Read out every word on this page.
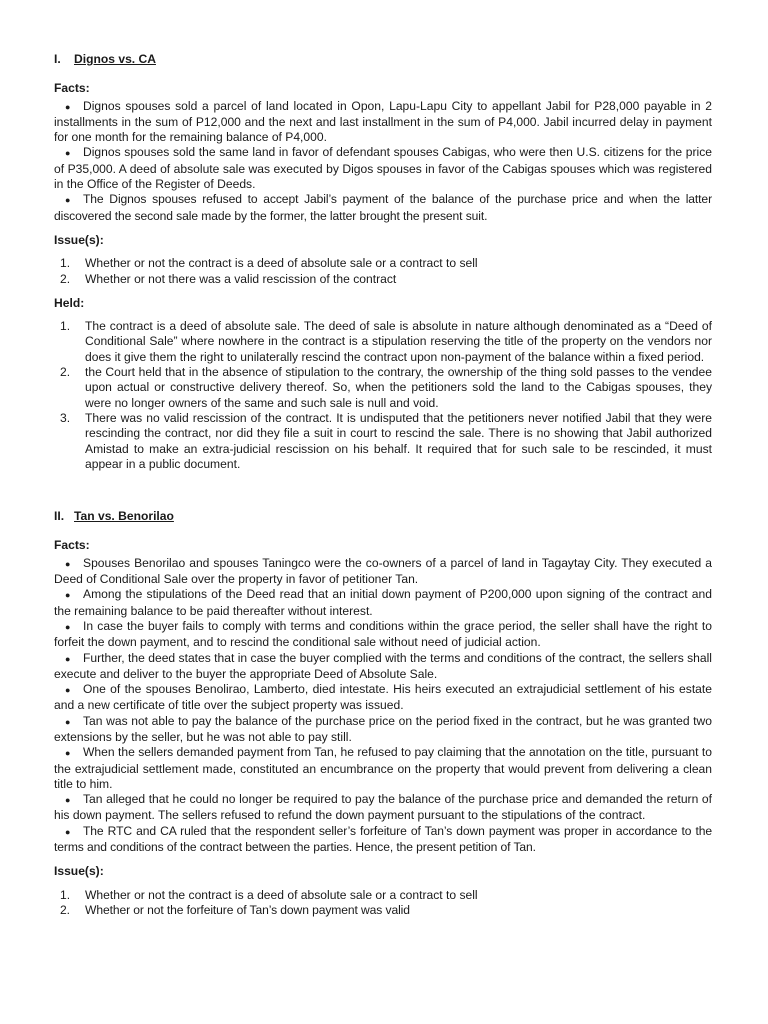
I. Dignos vs. CA
Facts:
● Dignos spouses sold a parcel of land located in Opon, Lapu-Lapu City to appellant Jabil for P28,000 payable in 2 installments in the sum of P12,000 and the next and last installment in the sum of P4,000. Jabil incurred delay in payment for one month for the remaining balance of P4,000.
● Dignos spouses sold the same land in favor of defendant spouses Cabigas, who were then U.S. citizens for the price of P35,000. A deed of absolute sale was executed by Digos spouses in favor of the Cabigas spouses which was registered in the Office of the Register of Deeds.
● The Dignos spouses refused to accept Jabil’s payment of the balance of the purchase price and when the latter discovered the second sale made by the former, the latter brought the present suit.
Issue(s):
1. Whether or not the contract is a deed of absolute sale or a contract to sell
2. Whether or not there was a valid rescission of the contract
Held:
1. The contract is a deed of absolute sale. The deed of sale is absolute in nature although denominated as a “Deed of Conditional Sale” where nowhere in the contract is a stipulation reserving the title of the property on the vendors nor does it give them the right to unilaterally rescind the contract upon non-payment of the balance within a fixed period.
2. the Court held that in the absence of stipulation to the contrary, the ownership of the thing sold passes to the vendee upon actual or constructive delivery thereof. So, when the petitioners sold the land to the Cabigas spouses, they were no longer owners of the same and such sale is null and void.
3. There was no valid rescission of the contract. It is undisputed that the petitioners never notified Jabil that they were rescinding the contract, nor did they file a suit in court to rescind the sale. There is no showing that Jabil authorized Amistad to make an extra-judicial rescission on his behalf. It required that for such sale to be rescinded, it must appear in a public document.
II. Tan vs. Benorilao
Facts:
● Spouses Benorilao and spouses Taningco were the co-owners of a parcel of land in Tagaytay City. They executed a Deed of Conditional Sale over the property in favor of petitioner Tan.
● Among the stipulations of the Deed read that an initial down payment of P200,000 upon signing of the contract and the remaining balance to be paid thereafter without interest.
● In case the buyer fails to comply with terms and conditions within the grace period, the seller shall have the right to forfeit the down payment, and to rescind the conditional sale without need of judicial action.
● Further, the deed states that in case the buyer complied with the terms and conditions of the contract, the sellers shall execute and deliver to the buyer the appropriate Deed of Absolute Sale.
● One of the spouses Benolirao, Lamberto, died intestate. His heirs executed an extrajudicial settlement of his estate and a new certificate of title over the subject property was issued.
● Tan was not able to pay the balance of the purchase price on the period fixed in the contract, but he was granted two extensions by the seller, but he was not able to pay still.
● When the sellers demanded payment from Tan, he refused to pay claiming that the annotation on the title, pursuant to the extrajudicial settlement made, constituted an encumbrance on the property that would prevent from delivering a clean title to him.
● Tan alleged that he could no longer be required to pay the balance of the purchase price and demanded the return of his down payment. The sellers refused to refund the down payment pursuant to the stipulations of the contract.
● The RTC and CA ruled that the respondent seller’s forfeiture of Tan’s down payment was proper in accordance to the terms and conditions of the contract between the parties. Hence, the present petition of Tan.
Issue(s):
1. Whether or not the contract is a deed of absolute sale or a contract to sell
2. Whether or not the forfeiture of Tan’s down payment was valid
